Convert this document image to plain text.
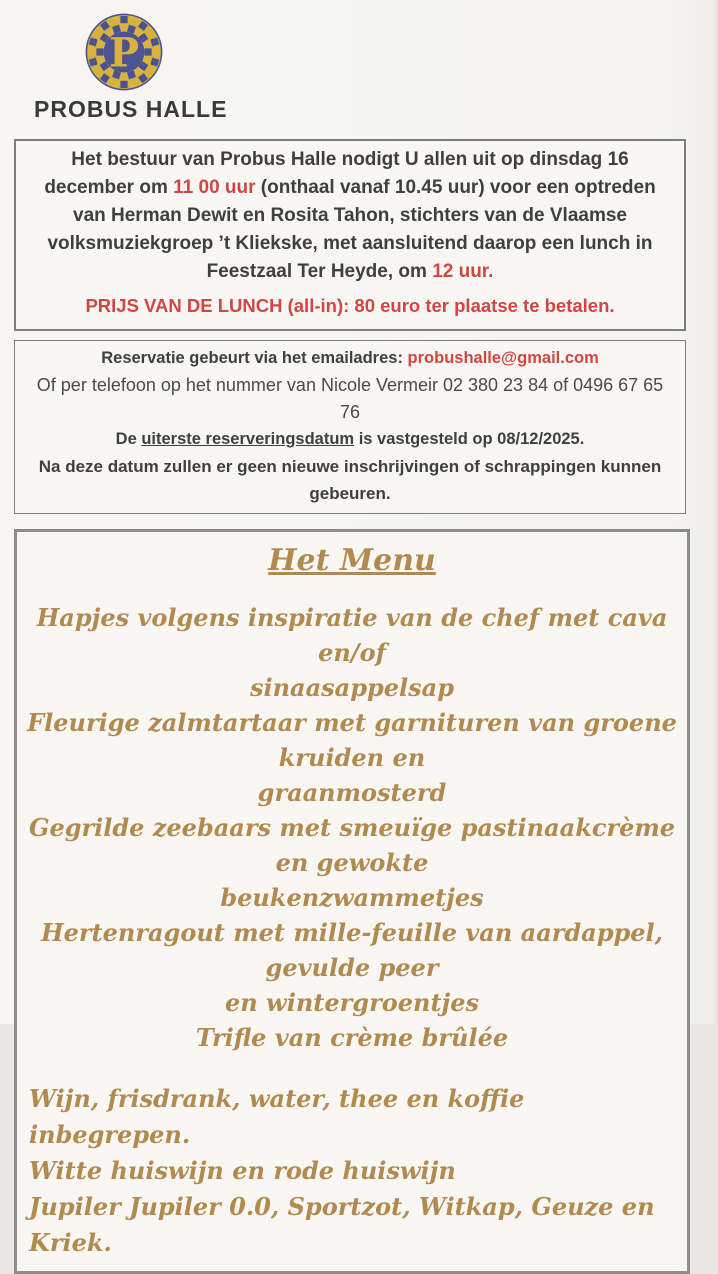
P
PROBUS HALLE
Het bestuur van Probus Halle nodigt U allen uit op dinsdag 16
december om 11 00 uur (onthaal vanaf 10.45 uur) voor een optreden
van Herman Dewit en Rosita Tahon, stichters van de Vlaamse
volksmuziekgroep ’t Kliekske, met aansluitend daarop een lunch in
Feestzaal Ter Heyde, om 12 uur.
PRIJS VAN DE LUNCH (all-in): 80 euro ter plaatse te betalen.
Reservatie gebeurt via het emailadres: probushalle@gmail.com
Of per telefoon op het nummer van Nicole Vermeir 02 380 23 84 of 0496 67 65 76
De uiterste reserveringsdatum is vastgesteld op 08/12/2025.
Na deze datum zullen er geen nieuwe inschrijvingen of schrappingen kunnen gebeuren.
Het Menu
Hapjes volgens inspiratie van de chef met cava en/of
sinaasappelsap
Fleurige zalmtartaar met garnituren van groene kruiden en
graanmosterd
Gegrilde zeebaars met smeuïge pastinaakcrème en gewokte
beukenzwammetjes
Hertenragout met mille-feuille van aardappel, gevulde peer
en wintergroentjes
Trifle van crème brûlée
Wijn, frisdrank, water, thee en koffie inbegrepen.
Witte huiswijn en rode huiswijn
Jupiler Jupiler 0.0, Sportzot, Witkap, Geuze en Kriek.
